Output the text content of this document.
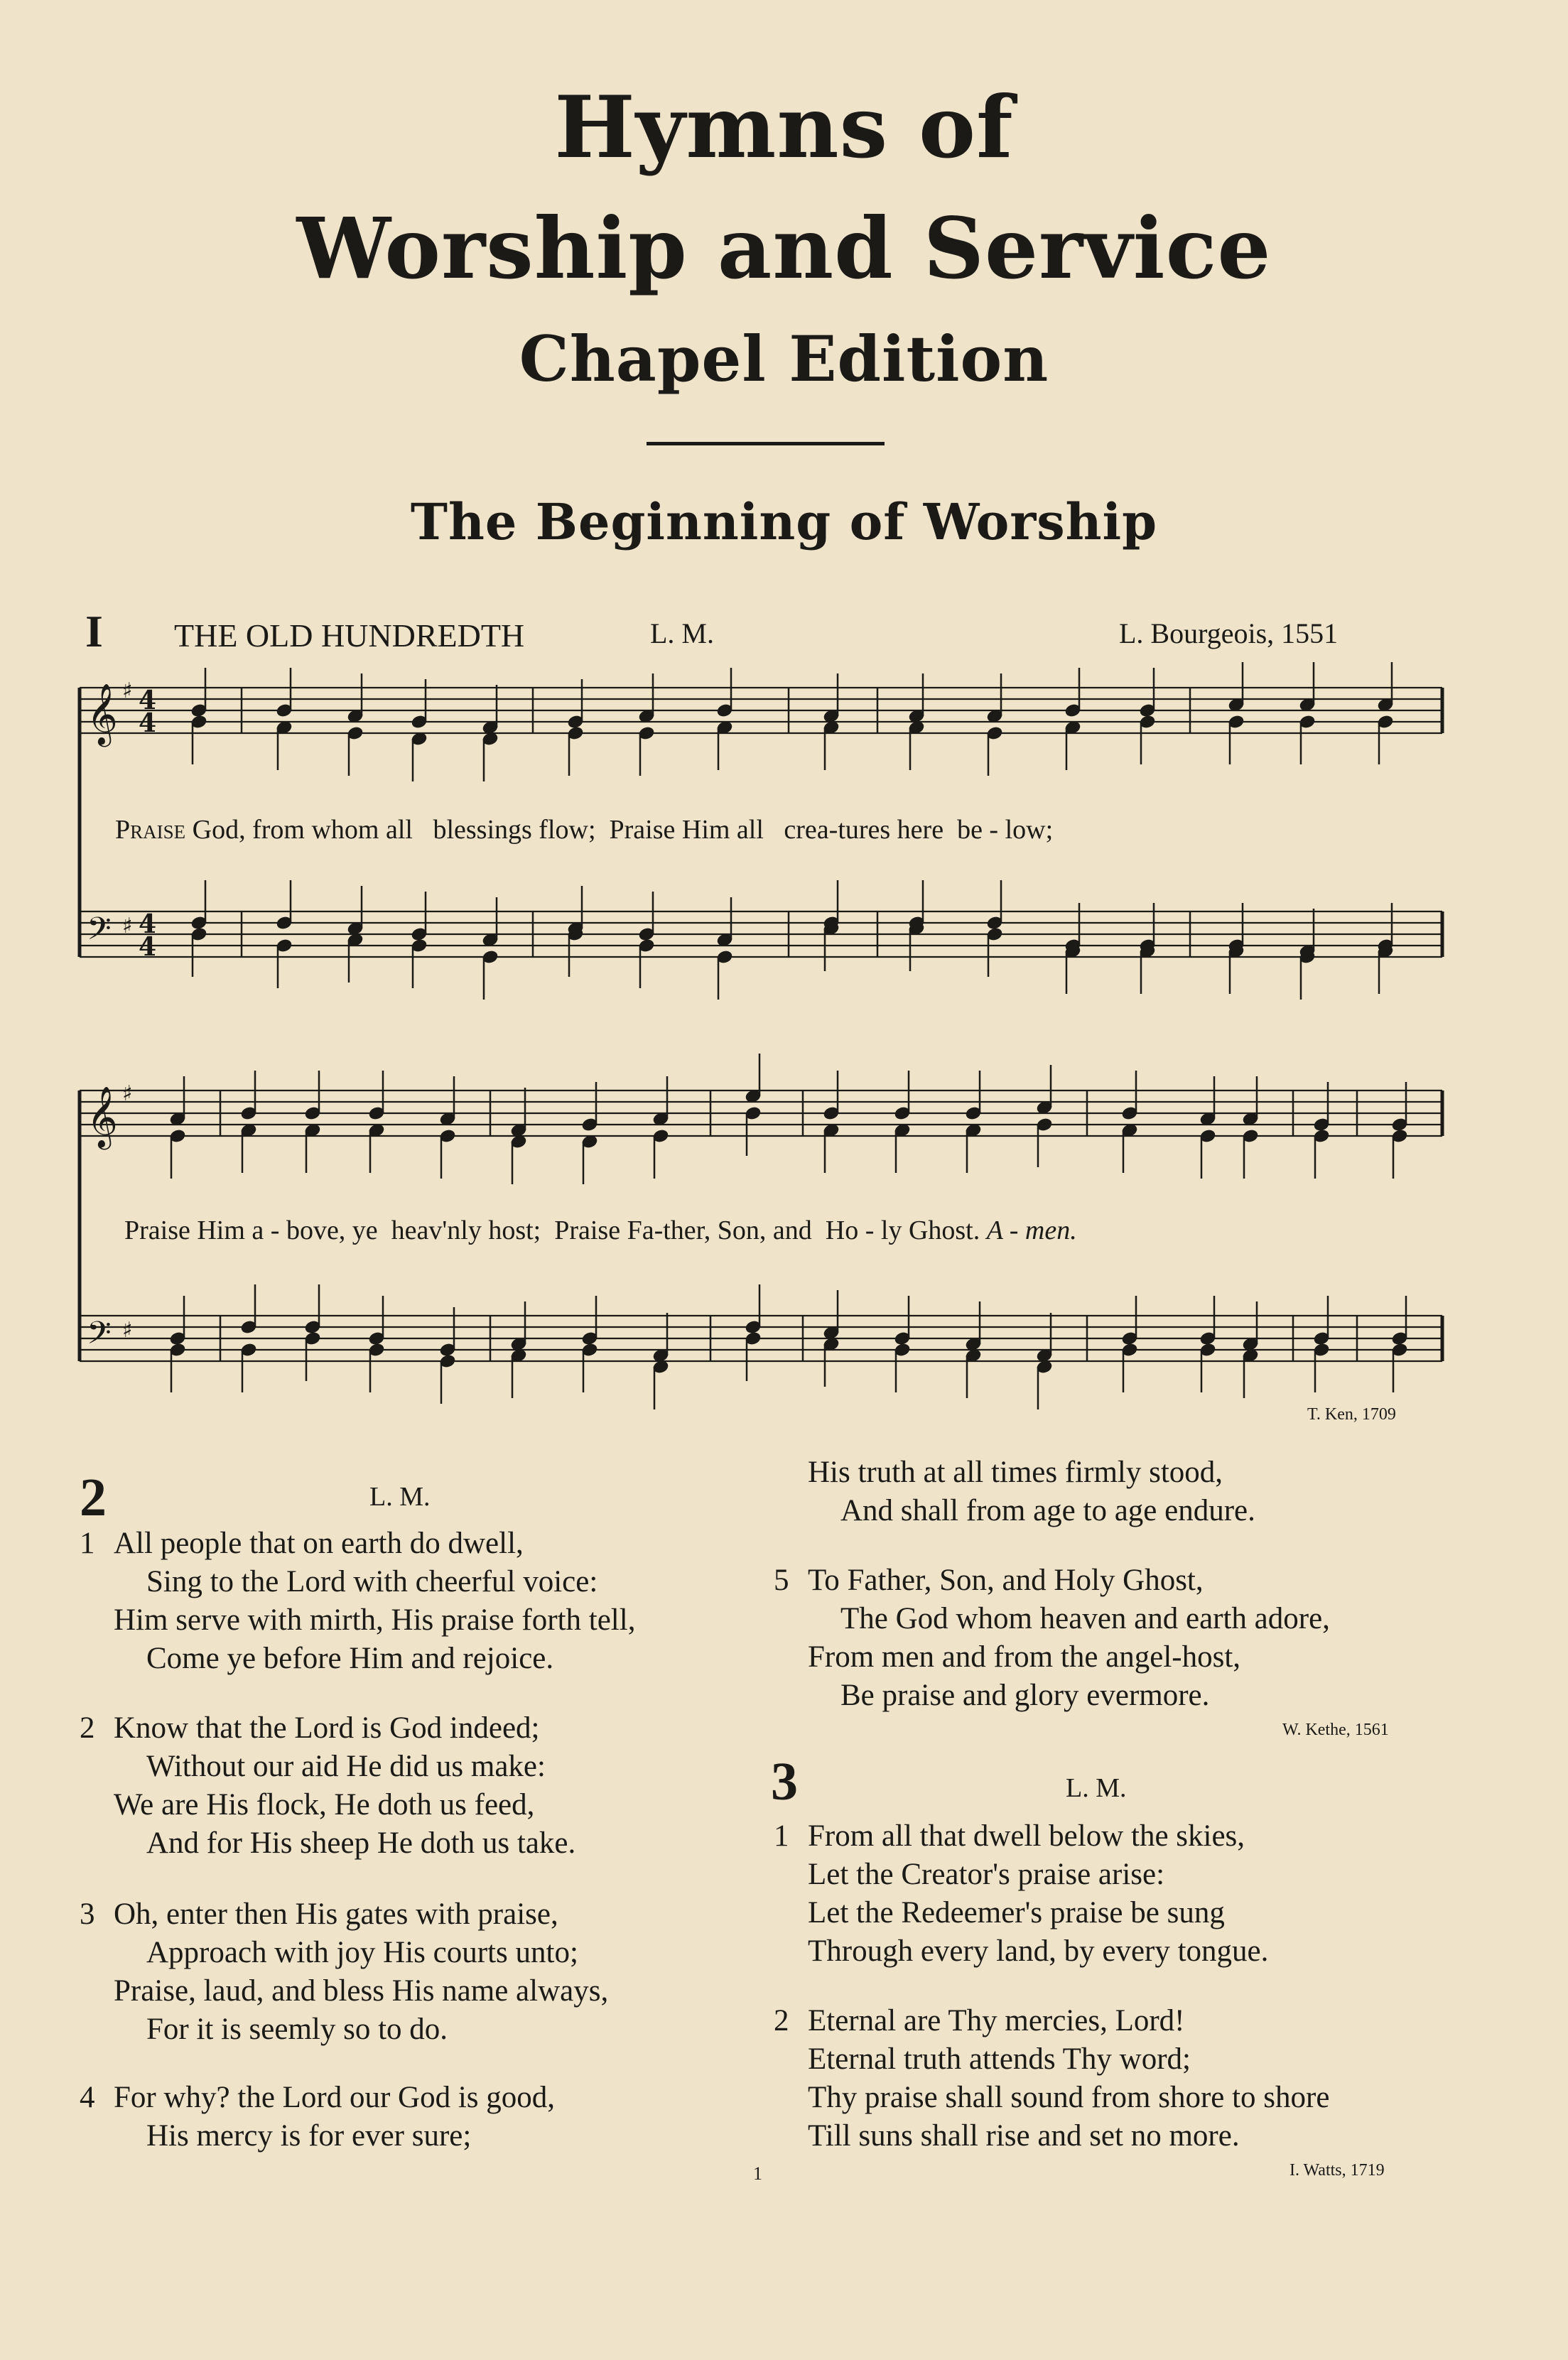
Hymns of
Worship and Service
Chapel Edition
The Beginning of Worship
I THE OLD HUNDREDTH	L. M.	L. Bourgeois, 1551
𝄞
𝄞
𝄢
𝄢
4
4
4
4
♯
♯
♯
♯
Praise God, from whom all   blessings flow;  Praise Him all   crea-tures here  be - low;
Praise Him a - bove, ye  heav'nly host;  Praise Fa-ther, Son, and  Ho - ly Ghost. A - men.
T. Ken, 1709
2	L. M.
1 All people that on earth do dwell,
Sing to the Lord with cheerful voice:
Him serve with mirth, His praise forth tell,
Come ye before Him and rejoice.
2 Know that the Lord is God indeed;
Without our aid He did us make:
We are His flock, He doth us feed,
And for His sheep He doth us take.
3 Oh, enter then His gates with praise,
Approach with joy His courts unto;
Praise, laud, and bless His name always,
For it is seemly so to do.
4 For why? the Lord our God is good,
His mercy is for ever sure;
His truth at all times firmly stood,
And shall from age to age endure.
5 To Father, Son, and Holy Ghost,
The God whom heaven and earth adore,
From men and from the angel-host,
Be praise and glory evermore.
W. Kethe, 1561
3	L. M.
1 From all that dwell below the skies,
Let the Creator's praise arise:
Let the Redeemer's praise be sung
Through every land, by every tongue.
2 Eternal are Thy mercies, Lord!
Eternal truth attends Thy word;
Thy praise shall sound from shore to shore
Till suns shall rise and set no more.
I. Watts, 1719
1
